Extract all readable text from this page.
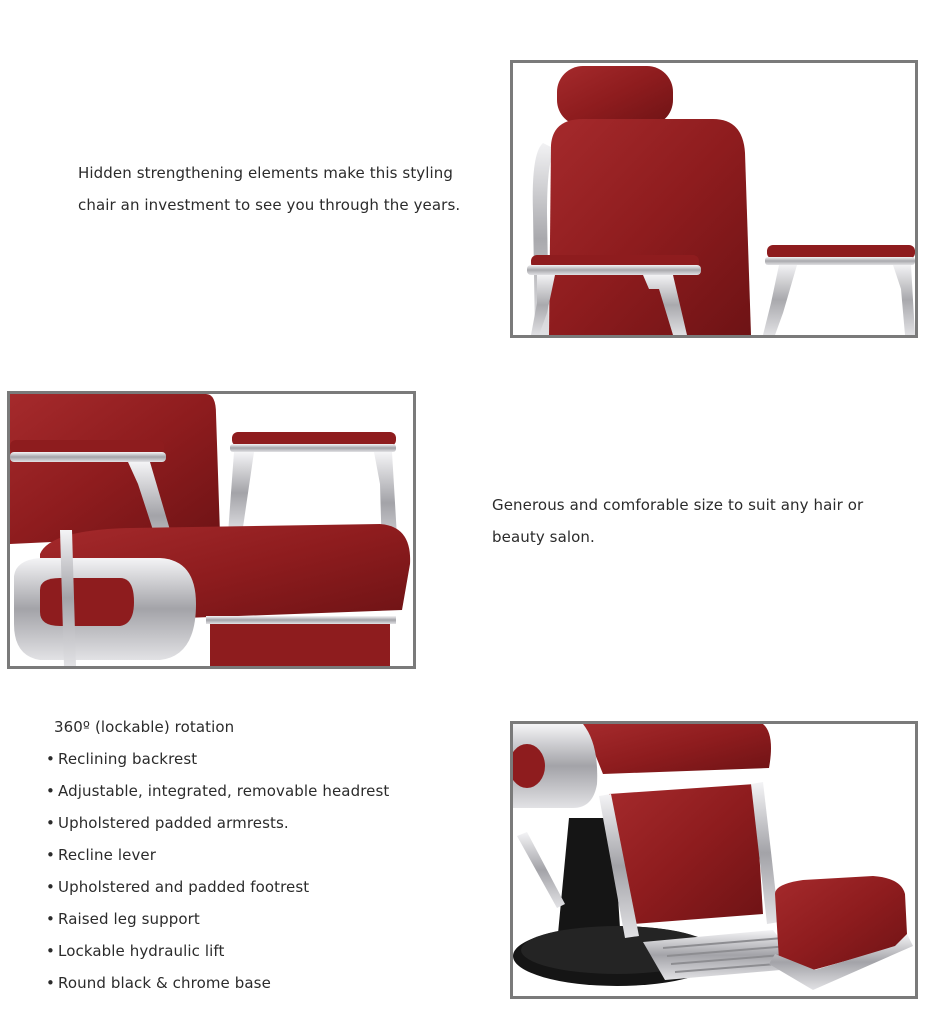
Hidden strengthening elements make this styling

chair an investment to see you through the years.

Generous and comforable size to suit any hair or

beauty salon.

360º (lockable) rotation

• Reclining backrest
• Adjustable, integrated, removable headrest
• Upholstered padded armrests.
• Recline lever
• Upholstered and padded footrest
• Raised leg support
• Lockable hydraulic lift
• Round black & chrome base
